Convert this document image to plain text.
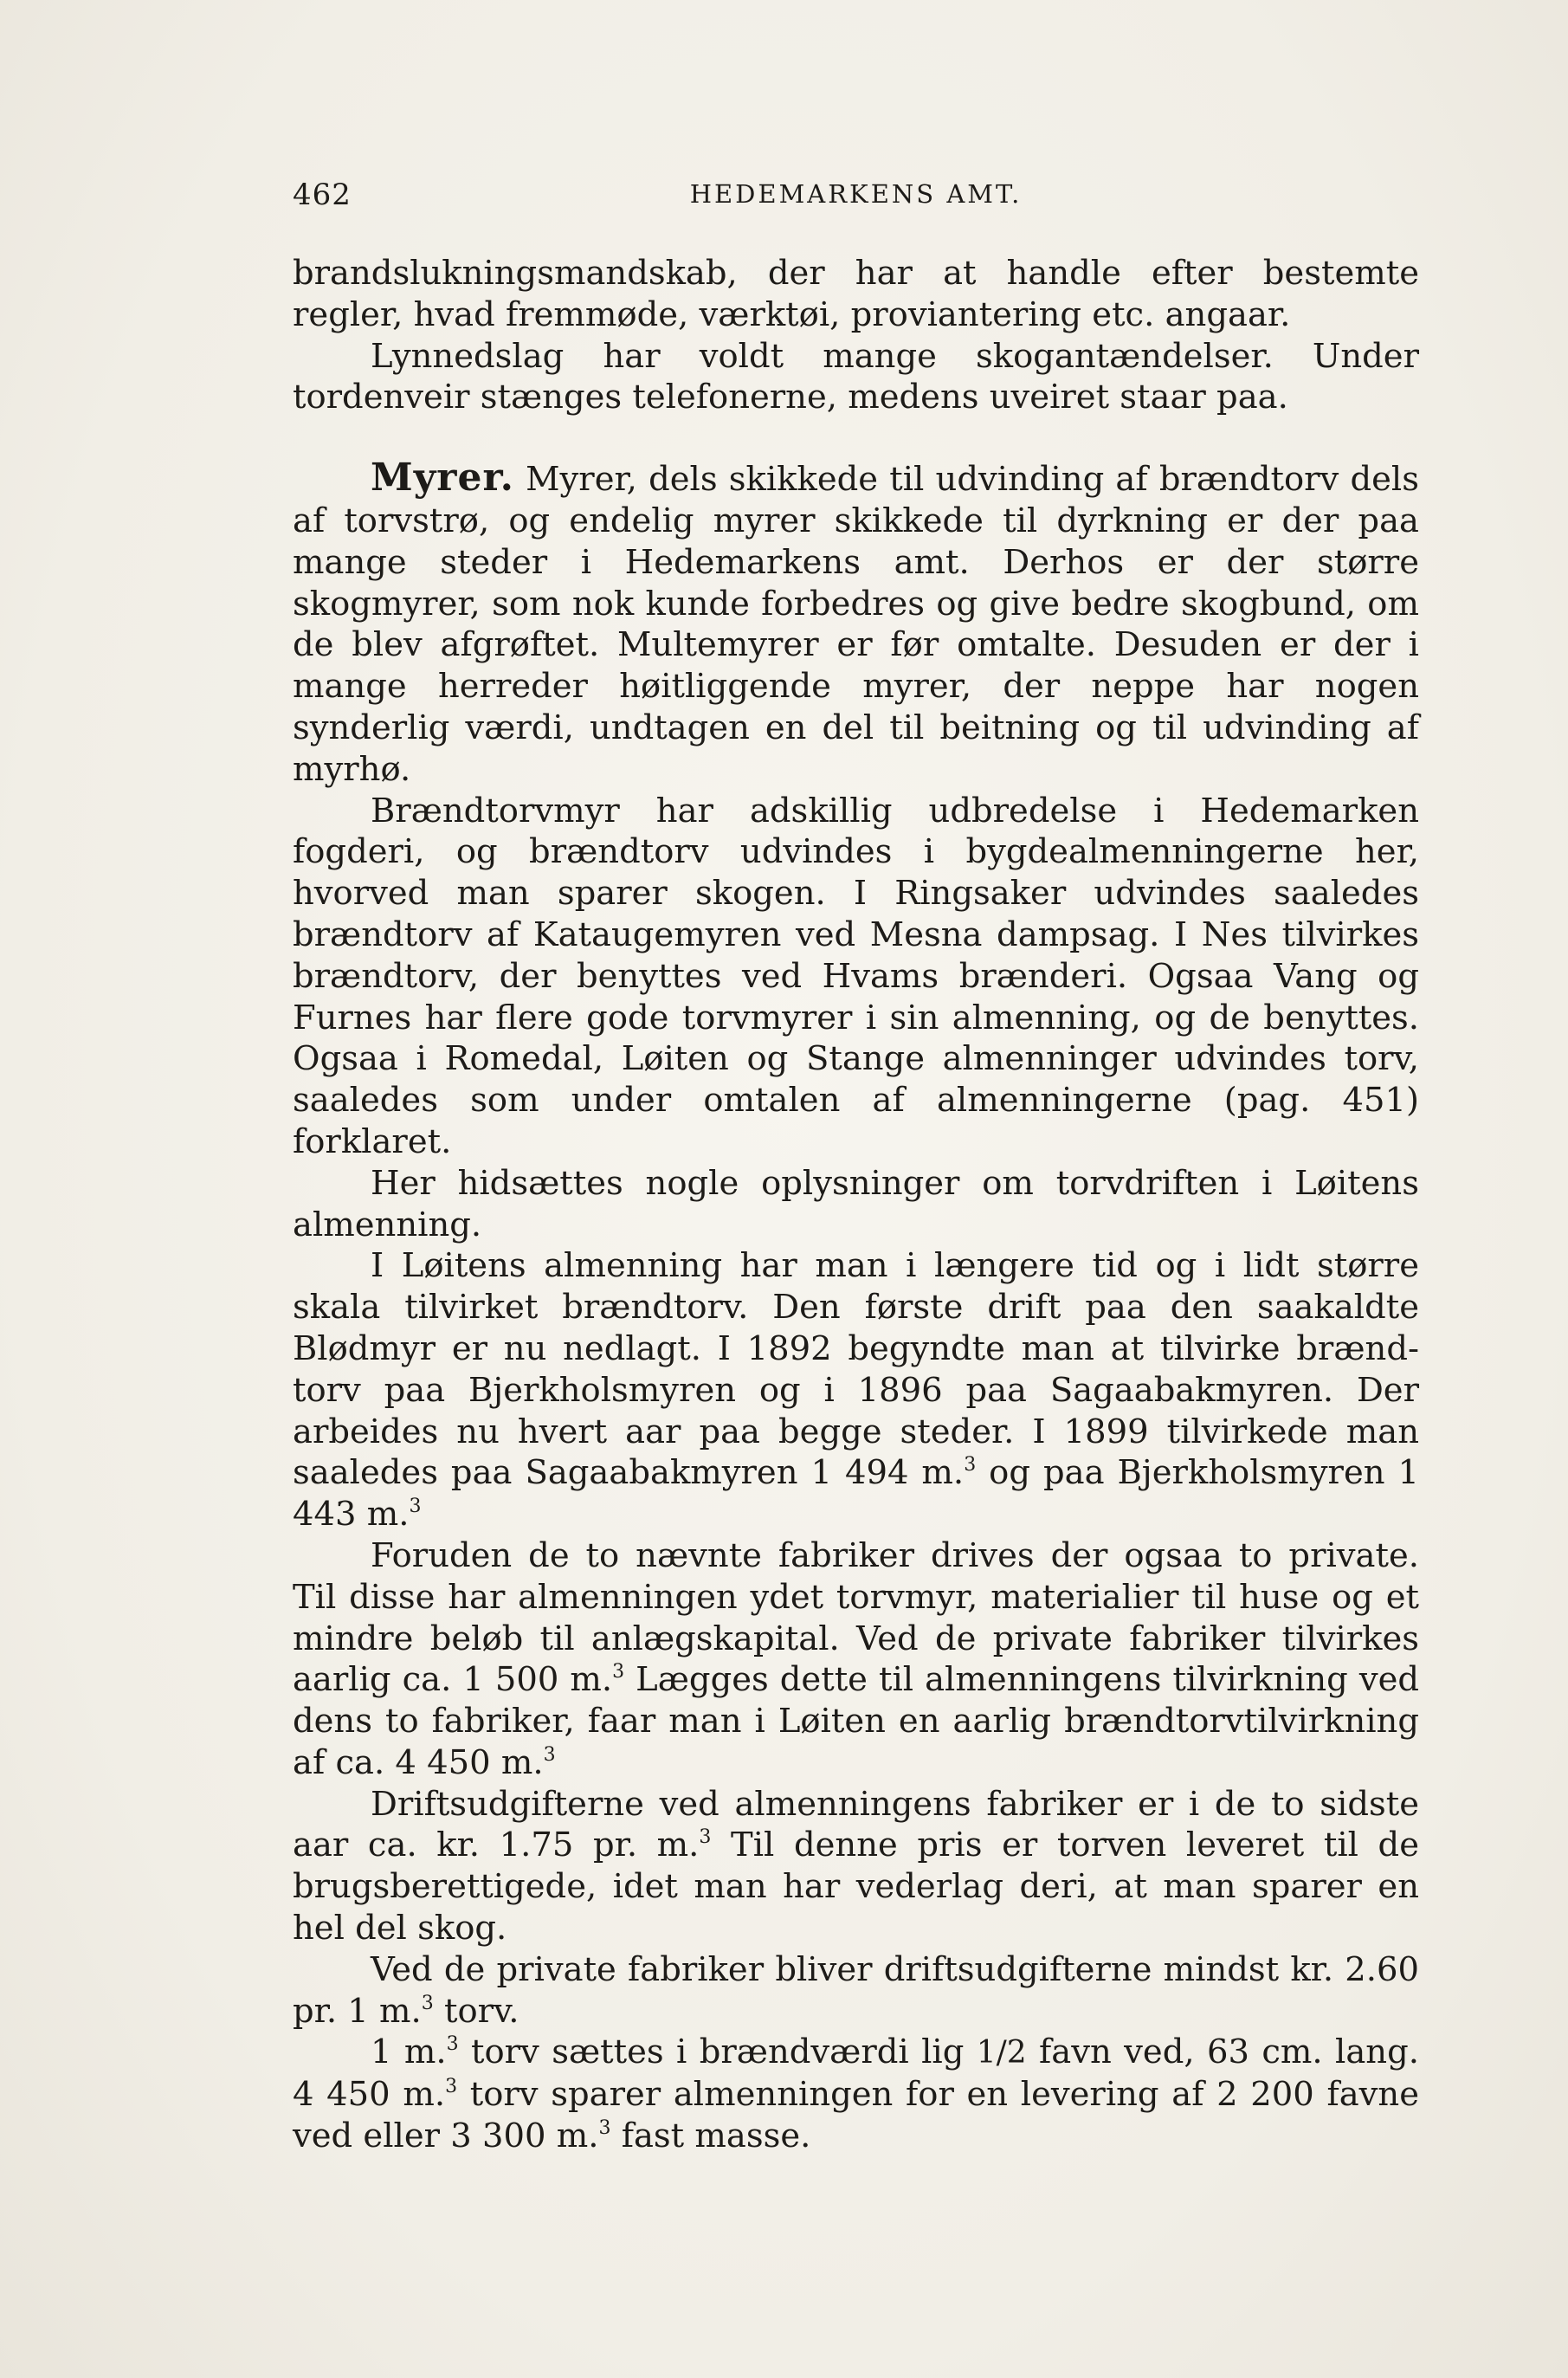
462	HEDEMARKENS AMT.

brandslukningsmandskab, der har at handle efter bestemte regler, hvad fremmøde, værktøi, proviantering etc. angaar.

Lynnedslag har voldt mange skogantændelser. Under tordenveir stænges telefonerne, medens uveiret staar paa.

Myrer. Myrer, dels skikkede til udvinding af brændtorv dels af torvstrø, og endelig myrer skikkede til dyrkning er der paa mange steder i Hedemarkens amt. Derhos er der større skogmyrer, som nok kunde forbedres og give bedre skogbund, om de blev afgrøftet. Multemyrer er før omtalte. Desuden er der i mange herreder høitliggende myrer, der neppe har nogen synderlig værdi, undtagen en del til beitning og til udvinding af myrhø.

Brændtorvmyr har adskillig udbredelse i Hedemarken fogderi, og brændtorv udvindes i bygdealmenningerne her, hvorved man sparer skogen. I Ringsaker udvindes saaledes brændtorv af Kataugemyren ved Mesna dampsag. I Nes tilvirkes brændtorv, der benyttes ved Hvams brænderi. Ogsaa Vang og Furnes har flere gode torvmyrer i sin almenning, og de benyttes. Ogsaa i Romedal, Løiten og Stange almenninger udvindes torv, saaledes som under omtalen af almenningerne (pag. 451) forklaret.

Her hidsættes nogle oplysninger om torvdriften i Løitens almenning.

I Løitens almenning har man i længere tid og i lidt større skala tilvirket brændtorv. Den første drift paa den saakaldte Blødmyr er nu nedlagt. I 1892 begyndte man at tilvirke brændtorv paa Bjerkholsmyren og i 1896 paa Sagaabakmyren. Der arbeides nu hvert aar paa begge steder. I 1899 tilvirkede man saaledes paa Sagaabakmyren 1 494 m.$^3$ og paa Bjerkholsmyren 1 443 m.$^3$

Foruden de to nævnte fabriker drives der ogsaa to private. Til disse har almenningen ydet torvmyr, materialier til huse og et mindre beløb til anlægskapital. Ved de private fabriker tilvirkes aarlig ca. 1 500 m.$^3$ Lægges dette til almenningens tilvirkning ved dens to fabriker, faar man i Løiten en aarlig brændtorvtilvirkning af ca. 4 450 m.$^3$

Driftsudgifterne ved almenningens fabriker er i de to sidste aar ca. kr. 1.75 pr. m.$^3$ Til denne pris er torven leveret til de brugsberettigede, idet man har vederlag deri, at man sparer en hel del skog.

Ved de private fabriker bliver driftsudgifterne mindst kr. 2.60 pr. 1 m.$^3$ torv.

1 m.$^3$ torv sættes i brændværdi lig 1/2 favn ved, 63 cm. lang. 4 450 m.$^3$ torv sparer almenningen for en levering af 2 200 favne ved eller 3 300 m.$^3$ fast masse.
